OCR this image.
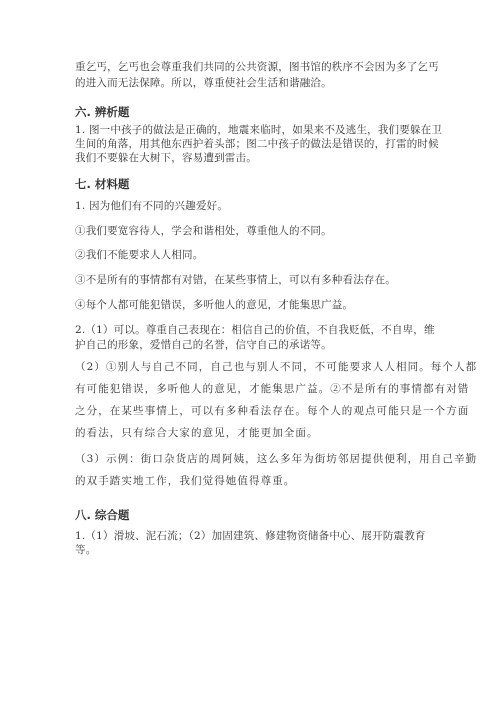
重乞丐，乞丐也会尊重我们共同的公共资源，图书馆的秩序不会因为多了乞丐
的进入而无法保障。所以，尊重使社会生活和谐融洽。
六. 辨析题
1. 图一中孩子的做法是正确的，地震来临时，如果来不及逃生，我们要躲在卫
生间的角落，用其他东西护着头部；图二中孩子的做法是错误的，打雷的时候
我们不要躲在大树下，容易遭到雷击。
七. 材料题
1. 因为他们有不同的兴趣爱好。
①我们要宽容待人，学会和谐相处，尊重他人的不同。
②我们不能要求人人相同。
③不是所有的事情都有对错，在某些事情上，可以有多种看法存在。
④每个人都可能犯错误，多听他人的意见，才能集思广益。
2.（1）可以。尊重自己表现在：相信自己的价值，不自我贬低，不自卑，维
护自己的形象，爱惜自己的名誉，信守自己的承诺等。
（2）①别人与自己不同，自己也与别人不同，不可能要求人人相同。每个人都
有可能犯错误，多听他人的意见，才能集思广益。②不是所有的事情都有对错
之分，在某些事情上，可以有多种看法存在。每个人的观点可能只是一个方面
的看法，只有综合大家的意见，才能更加全面。
（3）示例：街口杂货店的周阿姨，这么多年为街坊邻居提供便利，用自己辛勤
的双手踏实地工作，我们觉得她值得尊重。
八. 综合题
1.（1）滑坡、泥石流；（2）加固建筑、修建物资储备中心、展开防震教育
等。
